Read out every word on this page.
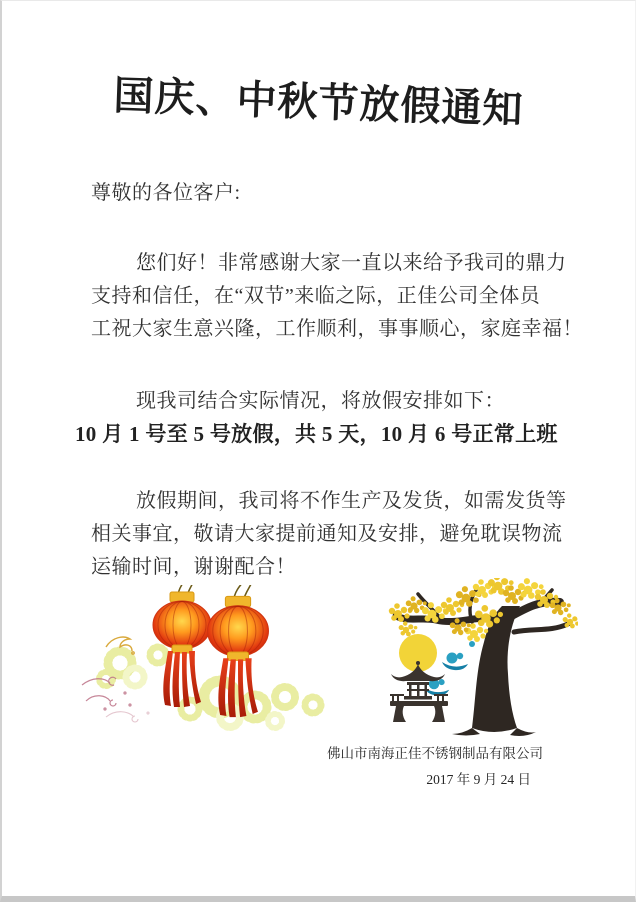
国庆、中秋节放假通知
尊敬的各位客户:
您们好！非常感谢大家一直以来给予我司的鼎力
支持和信任，在“双节”来临之际，正佳公司全体员
工祝大家生意兴隆，工作顺利，事事顺心，家庭幸福！
现我司结合实际情况，将放假安排如下：
10 月 1 号至 5 号放假，共 5 天，10 月 6 号正常上班
放假期间，我司将不作生产及发货，如需发货等
相关事宜，敬请大家提前通知及安排，避免耽误物流
运输时间，谢谢配合！
佛山市南海正佳不锈钢制品有限公司
2017 年 9 月 24 日
